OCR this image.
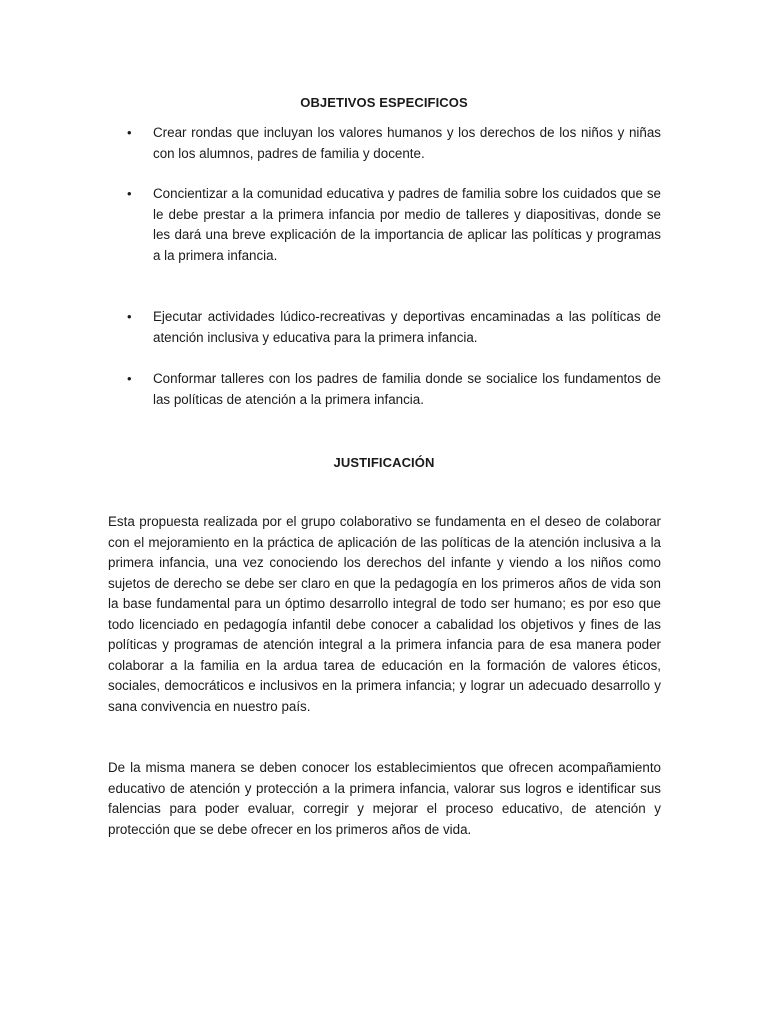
OBJETIVOS ESPECIFICOS
• Crear rondas que incluyan los valores humanos y los derechos de los niños y niñas con los alumnos, padres de familia y docente.
• Concientizar a la comunidad educativa y padres de familia sobre los cuidados que se le debe prestar a la primera infancia por medio de talleres y diapositivas, donde se les dará una breve explicación de la importancia de aplicar las políticas y programas a la primera infancia.
• Ejecutar actividades lúdico-recreativas y deportivas encaminadas a las políticas de atención inclusiva y educativa para la primera infancia.
• Conformar talleres con los padres de familia donde se socialice los fundamentos de las políticas de atención a la primera infancia.
JUSTIFICACIÓN

Esta propuesta realizada por el grupo colaborativo se fundamenta en el deseo de colaborar con el mejoramiento en la práctica de aplicación de las políticas de la atención inclusiva a la primera infancia, una vez conociendo los derechos del infante y viendo a los niños como sujetos de derecho se debe ser claro en que la pedagogía en los primeros años de vida son la base fundamental para un óptimo desarrollo integral de todo ser humano; es por eso que todo licenciado en pedagogía infantil debe conocer a cabalidad los objetivos y fines de las políticas y programas de atención integral a la primera infancia para de esa manera poder colaborar a la familia en la ardua tarea de educación en la formación de valores éticos, sociales, democráticos e inclusivos en la primera infancia; y lograr un adecuado desarrollo y sana convivencia en nuestro país.

De la misma manera se deben conocer los establecimientos que ofrecen acompañamiento educativo de atención y protección a la primera infancia, valorar sus logros e identificar sus falencias para poder evaluar, corregir y mejorar el proceso educativo, de atención y protección que se debe ofrecer en los primeros años de vida.
